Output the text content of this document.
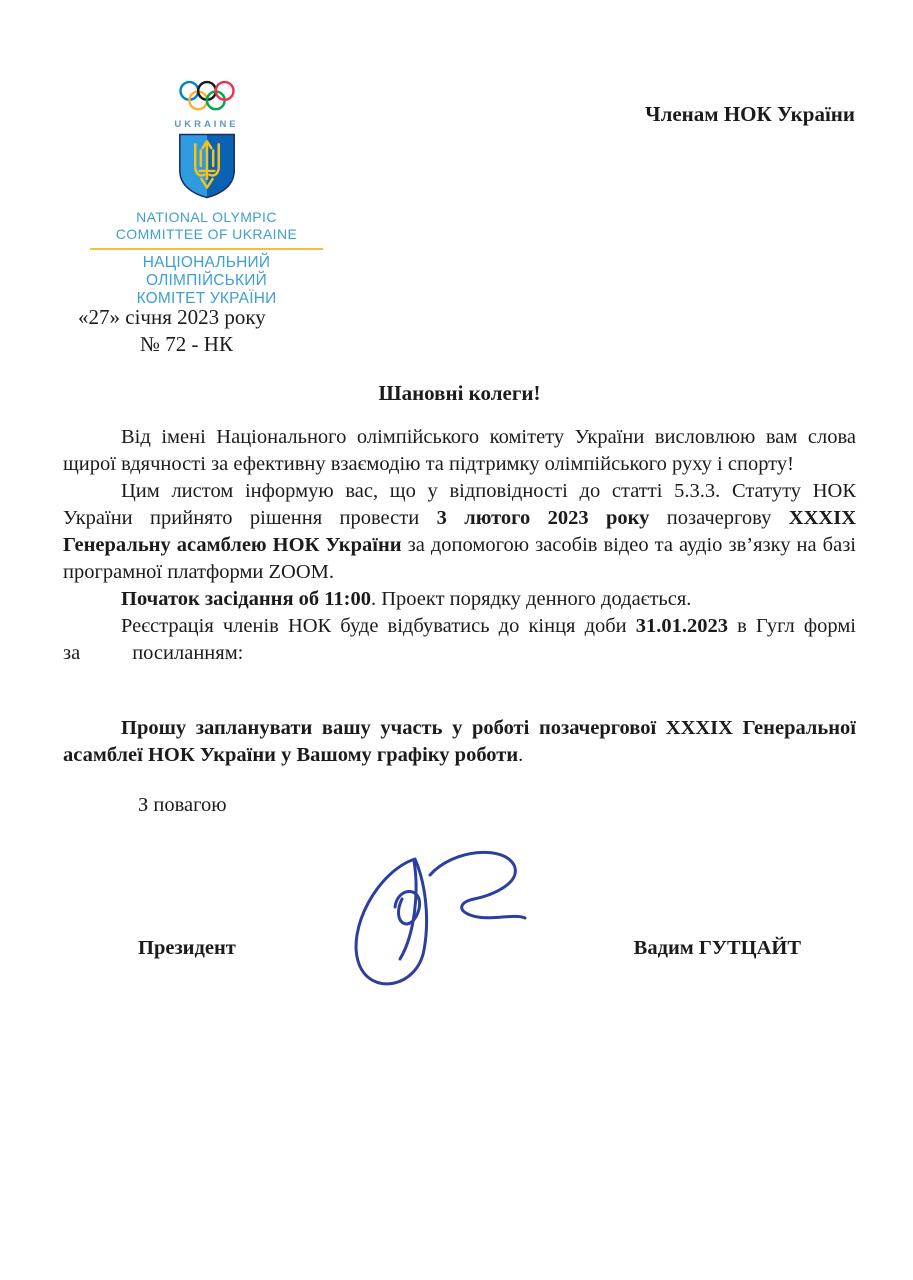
UKRAINE
NATIONAL OLYMPIC
COMMITTEE OF UKRAINE
НАЦІОНАЛЬНИЙ ОЛІМПІЙСЬКИЙ
КОМІТЕТ УКРАЇНИ
Членам НОК України
«27» січня 2023 року
№ 72 - НК
Шановні колеги!

Від імені Національного олімпійського комітету України висловлюю вам слова щирої вдячності за ефективну взаємодію та підтримку олімпійського руху і спорту!

Цим листом інформую вас, що у відповідності до статті 5.3.3. Статуту НОК України прийнято рішення провести 3 лютого 2023 року позачергову XXXIX Генеральну асамблею НОК України за допомогою засобів відео та аудіо зв’язку на базі програмної платформи ZOOM.

Початок засідання об 11:00. Проект порядку денного додається.

Реєстрація членів НОК буде відбуватись до кінця доби 31.01.2023 в Гугл формі

за	посиланням:

Прошу запланувати вашу участь у роботі позачергової XXXIX Генеральної асамблеї НОК України у Вашому графіку роботи.

З повагою
Президент	Вадим ГУТЦАЙТ
